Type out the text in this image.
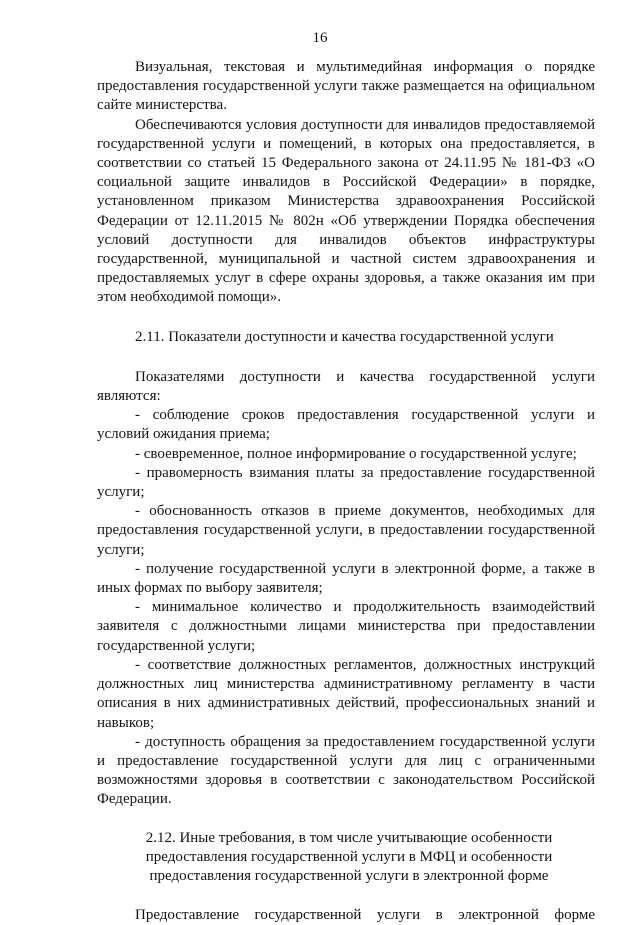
16

Визуальная, текстовая и мультимедийная информация о порядке предоставления государственной услуги также размещается на официальном сайте министерства.

Обеспечиваются условия доступности для инвалидов предоставляемой государственной услуги и помещений, в которых она предоставляется, в соответствии со статьей 15 Федерального закона от 24.11.95 № 181-ФЗ «О социальной защите инвалидов в Российской Федерации» в порядке, установленном приказом Министерства здравоохранения Российской Федерации от 12.11.2015 № 802н «Об утверждении Порядка обеспечения условий доступности для инвалидов объектов инфраструктуры государственной, муниципальной и частной систем здравоохранения и предоставляемых услуг в сфере охраны здоровья, а также оказания им при этом необходимой помощи».

2.11. Показатели доступности и качества государственной услуги

Показателями доступности и качества государственной услуги являются:

- соблюдение сроков предоставления государственной услуги и условий ожидания приема;

- своевременное, полное информирование о государственной услуге;

- правомерность взимания платы за предоставление государственной услуги;

- обоснованность отказов в приеме документов, необходимых для предоставления государственной услуги, в предоставлении государственной услуги;

- получение государственной услуги в электронной форме, а также в иных формах по выбору заявителя;

- минимальное количество и продолжительность взаимодействий заявителя с должностными лицами министерства при предоставлении государственной услуги;

- соответствие должностных регламентов, должностных инструкций должностных лиц министерства административному регламенту в части описания в них административных действий, профессиональных знаний и навыков;

- доступность обращения за предоставлением государственной услуги и предоставление государственной услуги для лиц с ограниченными возможностями здоровья в соответствии с законодательством Российской Федерации.

2.12. Иные требования, в том числе учитывающие особенности
предоставления государственной услуги в МФЦ и особенности
предоставления государственной услуги в электронной форме

Предоставление государственной услуги в электронной форме
